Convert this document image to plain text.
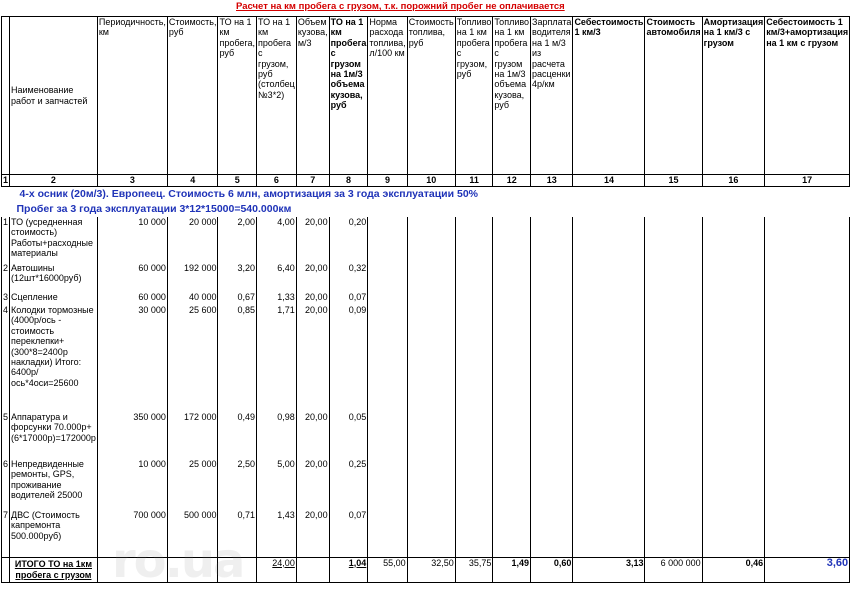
Расчет на км пробега с грузом, т.к. порожний пробег не оплачивается
	Наименование работ и запчастей	Периодичность, км	Стоимость, руб	ТО на 1 км пробега, руб	ТО на 1 км пробега с грузом, руб (столбец №3*2)	Объем кузова, м/3	ТО на 1 км пробега с грузом на 1м/3 объема кузова, руб	Норма расхода топлива, л/100 км	Стоимость топлива, руб	Топливо на 1 км пробега с грузом, руб	Топливо на 1 км пробега с грузом на 1м/3 объема кузова, руб	Зарплата водителя на 1 м/3 из расчета расценки 4р/км	Себестоимость 1 км/3	Стоимость автомобиля	Амортизация на 1 км/3 с грузом	Себестоимость 1 км/3+амортизация на 1 км с грузом
1	2	3	4	5	6	7	8	9	10	11	12	13	14	15	16	17
4-х осник (20м/3). Европеец. Стоимость 6 млн, амортизация за 3 года эксплуатации 50%																
Пробег за 3 года эксплуатации 3*12*15000=540.000км																
1	ТО (усредненная стоимость) Работы+расходные материалы	10 000	20 000	2,00	4,00	20,00	0,20									
2	Автошины (12шт*16000руб)	60 000	192 000	3,20	6,40	20,00	0,32									
3	Сцепление	60 000	40 000	0,67	1,33	20,00	0,07									
4	Колодки тормозные (4000р/ось - стоимость переклепки+(300*8=2400р накладки) Итого: 6400р/ось*4оси=25600	30 000	25 600	0,85	1,71	20,00	0,09									
5	Аппаратура и форсунки 70.000р+(6*17000р)=172000р	350 000	172 000	0,49	0,98	20,00	0,05									
6	Непредвиденные ремонты, GPS, проживание водителей 25000	10 000	25 000	2,50	5,00	20,00	0,25									
7	ДВС (Стоимость капремонта 500.000руб)	700 000	500 000	0,71	1,43	20,00	0,07									
	ИТОГО ТО на 1км пробега с грузом				24,00		1,04	55,00	32,50	35,75	1,49	0,60	3,13	6 000 000	0,46	3,60
ro.ua
